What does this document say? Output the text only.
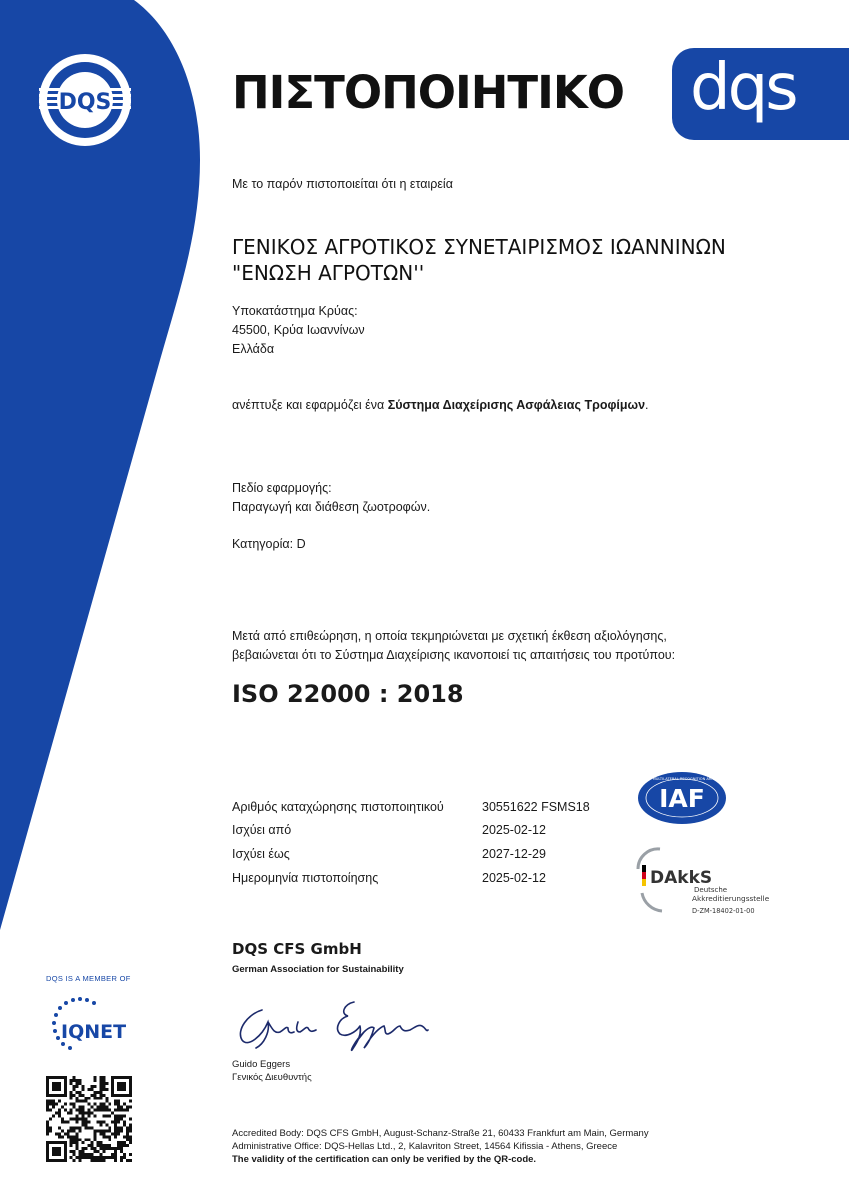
DQS	ΠΙΣΤΟΠΟΙΗΤΙΚΟ dqs
Με το παρόν πιστοποιείται ότι η εταιρεία
ΓΕΝΙΚΟΣ ΑΓΡΟΤΙΚΟΣ ΣΥΝΕΤΑΙΡΙΣΜΟΣ ΙΩΑΝΝΙΝΩΝ
"ΕΝΩΣΗ ΑΓΡΟΤΩΝ''
Υποκατάστημα Κρύας:
45500, Κρύα Ιωαννίνων
Ελλάδα
ανέπτυξε και εφαρμόζει ένα Σύστημα Διαχείρισης Ασφάλειας Τροφίμων.
Πεδίο εφαρμογής:
Παραγωγή και διάθεση ζωοτροφών.
Κατηγορία: D
Μετά από επιθεώρηση, η οποία τεκμηριώνεται με σχετική έκθεση αξιολόγησης,
βεβαιώνεται ότι το Σύστημα Διαχείρισης ικανοποιεί τις απαιτήσεις του προτύπου:
ISO 22000 : 2018
Αριθμός καταχώρησης πιστοποιητικού	30551622 FSMS18
Ισχύει από	2025-02-12
Ισχύει έως	2027-12-29
Ημερομηνία πιστοποίησης	2025-02-12
MEMBER OF MULTILATERAL RECOGNITION ARRANGEMENT
IAF
DAkkS
Deutsche
Akkreditierungsstelle
D-ZM-18402-01-00
DQS CFS GmbH
German Association for Sustainability
Guido Eggers
Γενικός Διευθυντής
Accredited Body: DQS CFS GmbH, August-Schanz-Straße 21, 60433 Frankfurt am Main, Germany
Administrative Office: DQS-Hellas Ltd., 2, Kalavriton Street, 14564 Kifissia - Athens, Greece
The validity of the certification can only be verified by the QR-code.
DQS IS A MEMBER OF
IQNET
